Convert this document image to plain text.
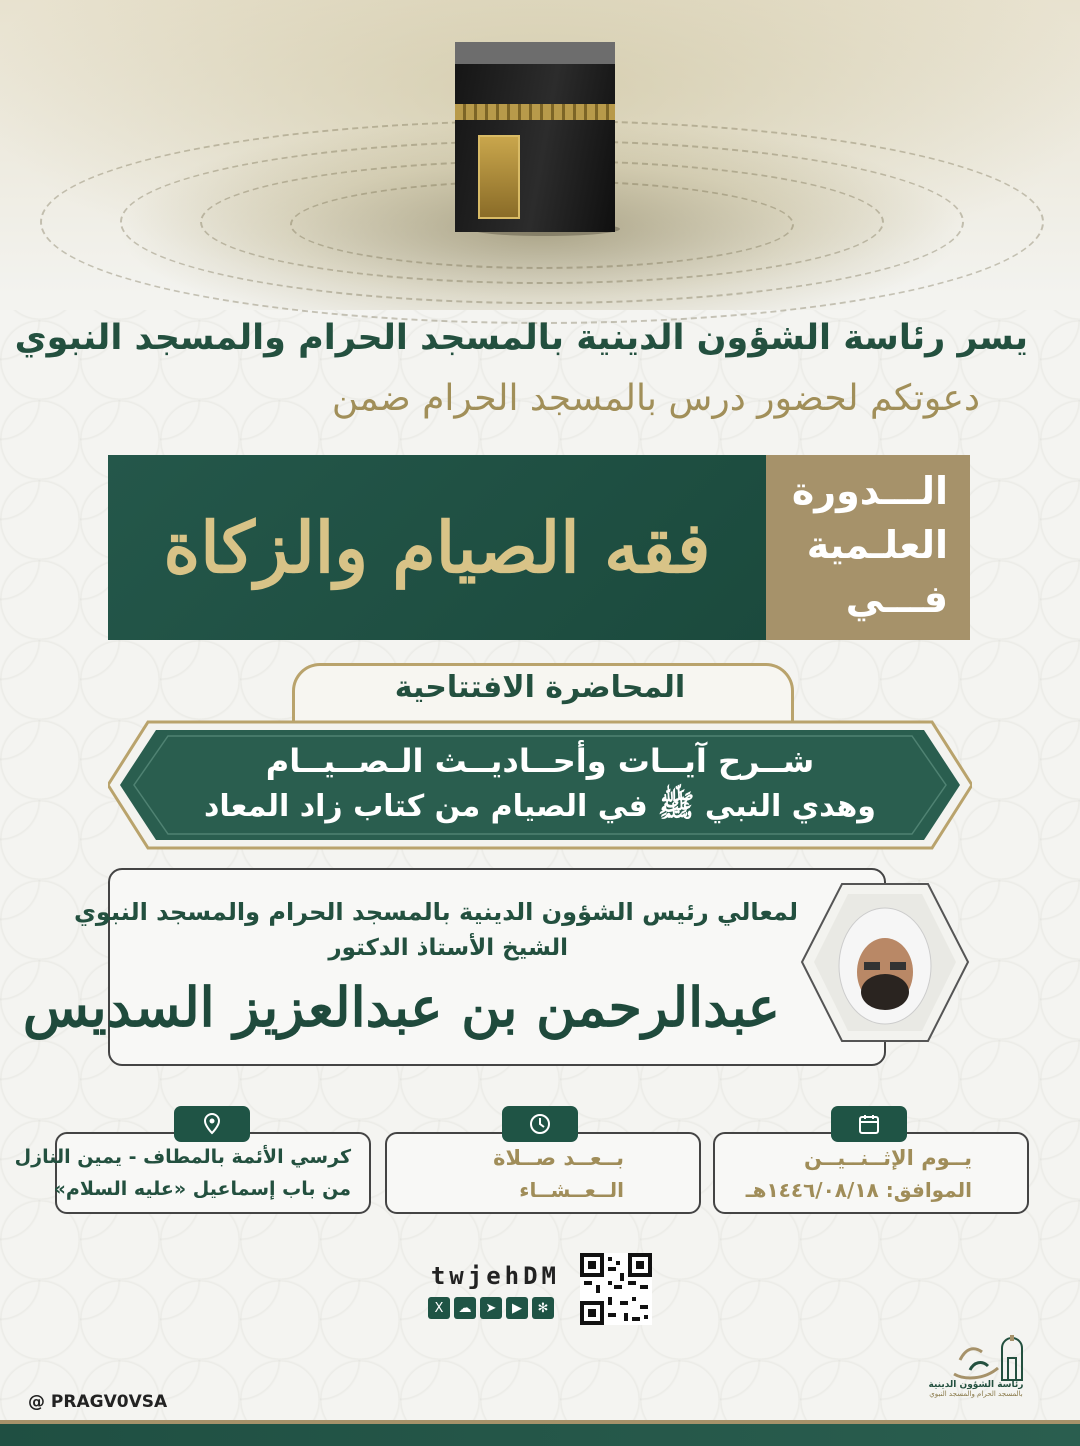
يسر رئاسة الشؤون الدينية بالمسجد الحرام والمسجد النبوي
دعوتكم لحضور درس بالمسجد الحرام ضمن
فقه الصيام والزكاة
الـــدورة
العلـمية
فـــي
المحاضرة الافتتاحية
شــرح آيــات وأحــاديــث الـصــيــام
وهدي النبي ﷺ في الصيام من كتاب زاد المعاد
لمعالي رئيس الشؤون الدينية بالمسجد الحرام والمسجد النبوي
الشيخ الأستاذ الدكتور
عبدالرحمن بن عبدالعزيز السديس
كرسي الأئمة بالمطاف - يمين النازل
من باب إسماعيل «عليه السلام»
بــعــد صــلاة
الــعــشــاء
يــوم الإثــنــيــن
الموافق: ١٤٤٦/٠٨/١٨هـ
twjehDM
X	☁	➤	▶	✻
رئاسة الشؤون الدينية
بالمسجد الحرام والمسجد النبوي
@ PRAGV0VSA
